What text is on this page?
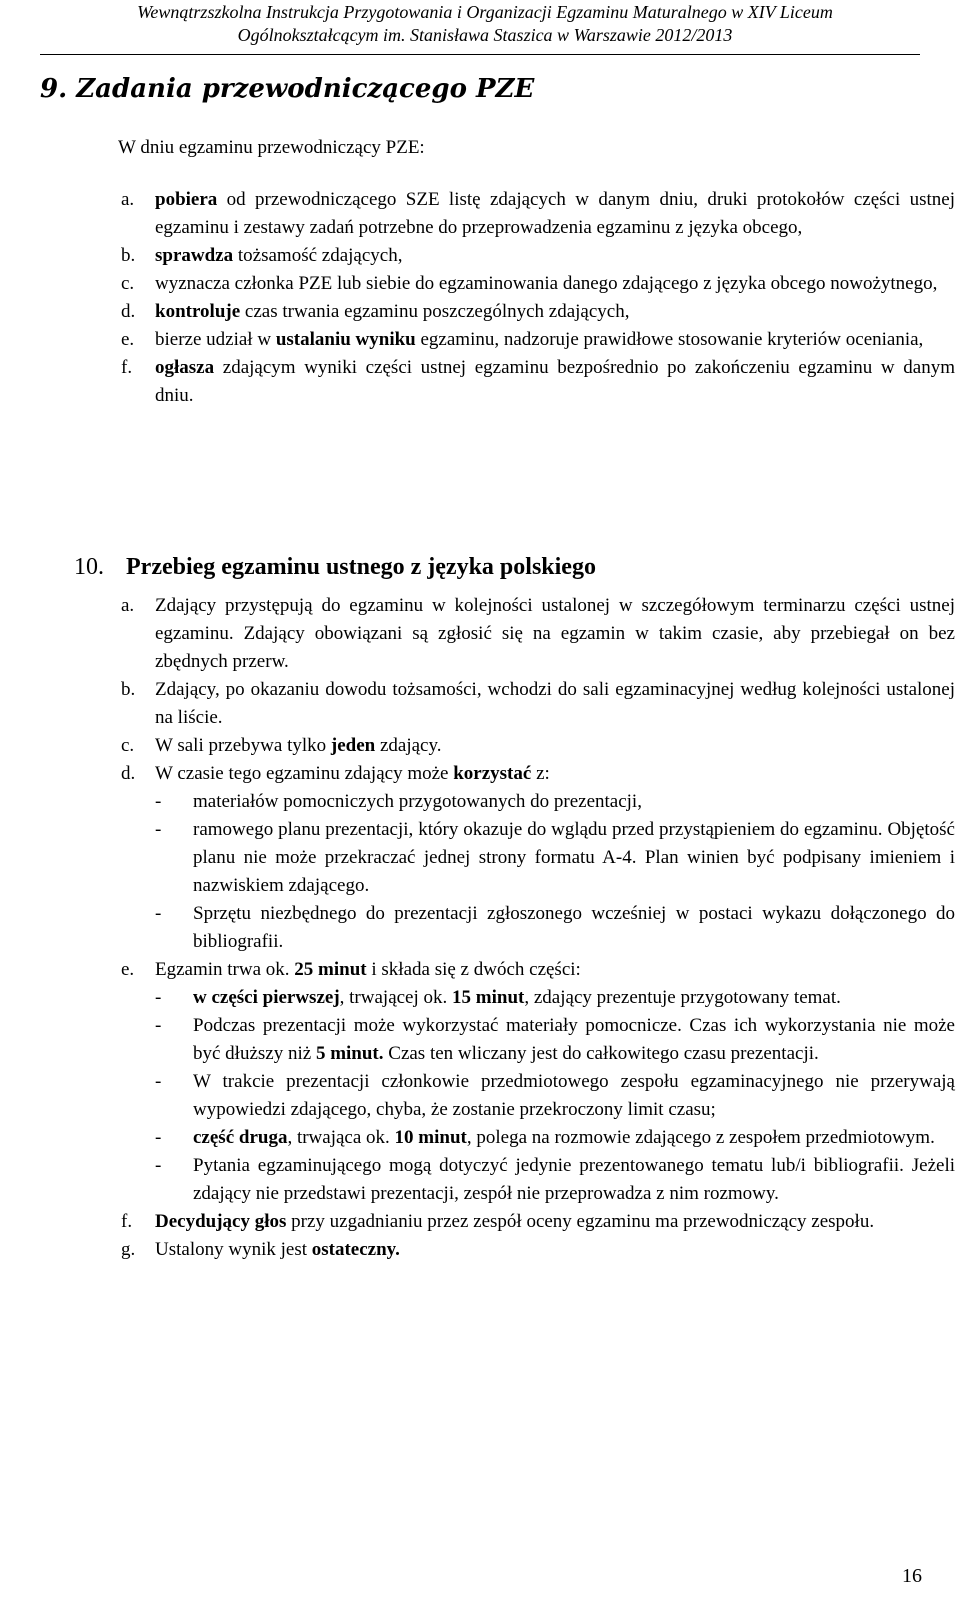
Wewnątrzszkolna Instrukcja Przygotowania i Organizacji Egzaminu Maturalnego w XIV Liceum
Ogólnokształcącym im. Stanisława Staszica w Warszawie 2012/2013
9. Zadania przewodniczącego PZE
W dniu egzaminu przewodniczący PZE:
a. pobiera od przewodniczącego SZE listę zdających w danym dniu, druki protokołów części ustnej egzaminu i zestawy zadań potrzebne do przeprowadzenia egzaminu z języka obcego,
b. sprawdza tożsamość zdających,
c. wyznacza członka PZE lub siebie do egzaminowania danego zdającego z języka obcego nowożytnego,
d. kontroluje czas trwania egzaminu poszczególnych zdających,
e. bierze udział w ustalaniu wyniku egzaminu, nadzoruje prawidłowe stosowanie kryteriów oceniania,
f. ogłasza zdającym wyniki części ustnej egzaminu bezpośrednio po zakończeniu egzaminu w danym dniu.
10. Przebieg egzaminu ustnego z języka polskiego
a. Zdający przystępują do egzaminu w kolejności ustalonej w szczegółowym terminarzu części ustnej egzaminu. Zdający obowiązani są zgłosić się na egzamin w takim czasie, aby przebiegał on bez zbędnych przerw.
b. Zdający, po okazaniu dowodu tożsamości, wchodzi do sali egzaminacyjnej według kolejności ustalonej na liście.
c. W sali przebywa tylko jeden zdający.
d. W czasie tego egzaminu zdający może korzystać z:
- materiałów pomocniczych przygotowanych do prezentacji,
- ramowego planu prezentacji, który okazuje do wglądu przed przystąpieniem do egzaminu. Objętość planu nie może przekraczać jednej strony formatu A-4. Plan winien być podpisany imieniem i nazwiskiem zdającego.
- Sprzętu niezbędnego do prezentacji zgłoszonego wcześniej w postaci wykazu dołączonego do bibliografii.
e. Egzamin trwa ok. 25 minut i składa się z dwóch części:
- w części pierwszej, trwającej ok. 15 minut, zdający prezentuje przygotowany temat.
- Podczas prezentacji może wykorzystać materiały pomocnicze. Czas ich wykorzystania nie może być dłuższy niż 5 minut. Czas ten wliczany jest do całkowitego czasu prezentacji.
- W trakcie prezentacji członkowie przedmiotowego zespołu egzaminacyjnego nie przerywają wypowiedzi zdającego, chyba, że zostanie przekroczony limit czasu;
- część druga, trwająca ok. 10 minut, polega na rozmowie zdającego z zespołem przedmiotowym.
- Pytania egzaminującego mogą dotyczyć jedynie prezentowanego tematu lub/i bibliografii. Jeżeli zdający nie przedstawi prezentacji, zespół nie przeprowadza z nim rozmowy.
f. Decydujący głos przy uzgadnianiu przez zespół oceny egzaminu ma przewodniczący zespołu.
g. Ustalony wynik jest ostateczny.
16
